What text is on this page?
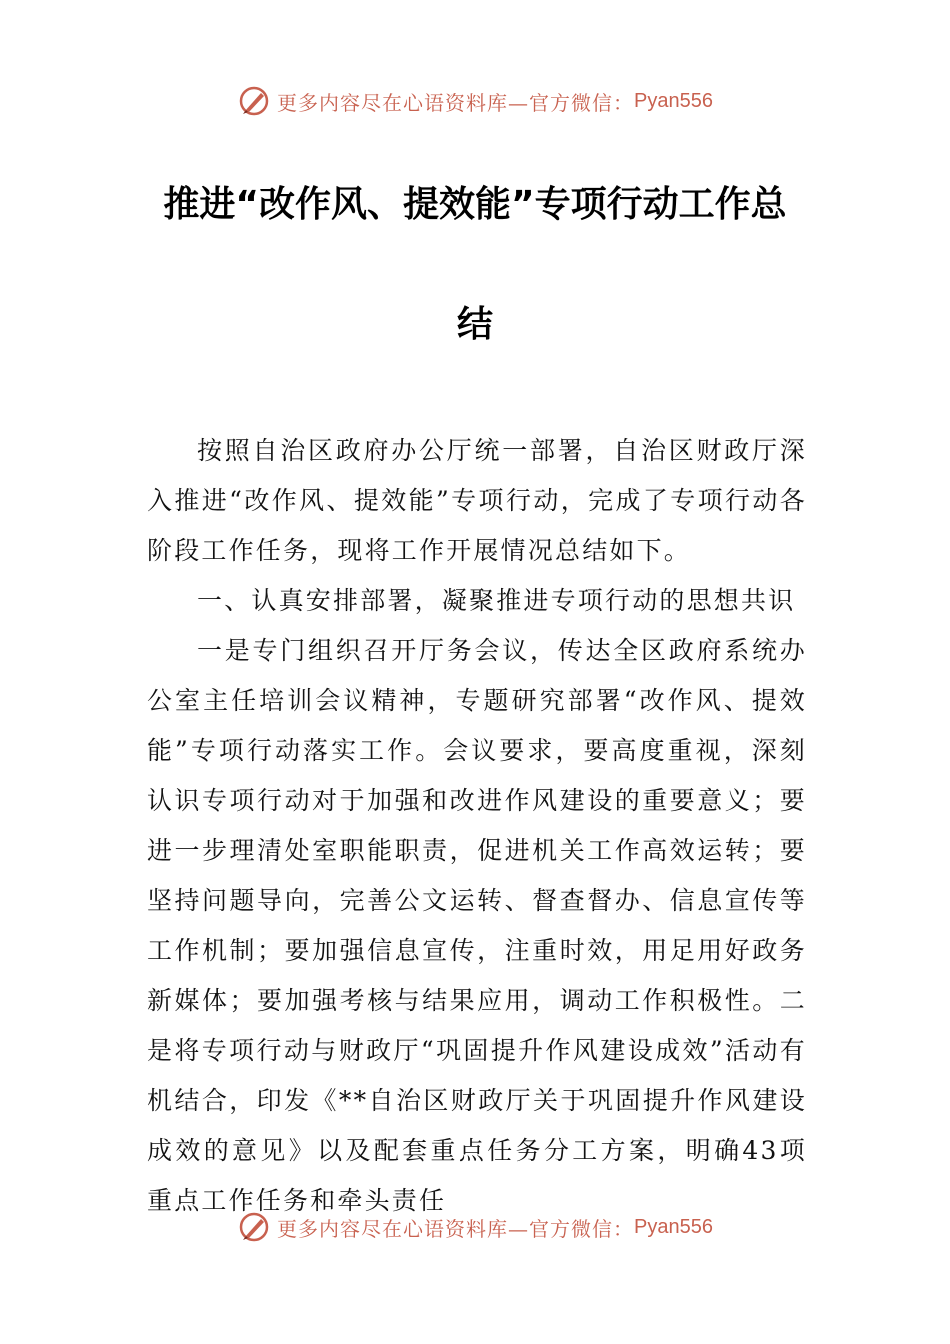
更多内容尽在心语资料库—官方微信： Pyan556
推进“改作风、提效能”专项行动工作总
结

按照自治区政府办公厅统一部署，自治区财政厅深入推进“改作风、提效能”专项行动，完成了专项行动各阶段工作任务，现将工作开展情况总结如下。

一、认真安排部署，凝聚推进专项行动的思想共识

一是专门组织召开厅务会议，传达全区政府系统办公室主任培训会议精神，专题研究部署“改作风、提效能”专项行动落实工作。会议要求，要高度重视，深刻认识专项行动对于加强和改进作风建设的重要意义；要进一步理清处室职能职责，促进机关工作高效运转；要坚持问题导向，完善公文运转、督查督办、信息宣传等工作机制；要加强信息宣传，注重时效，用足用好政务新媒体；要加强考核与结果应用，调动工作积极性。二是将专项行动与财政厅“巩固提升作风建设成效”活动有机结合，印发《**自治区财政厅关于巩固提升作风建设成效的意见》以及配套重点任务分工方案，明确43项重点工作任务和牵头责任

更多内容尽在心语资料库—官方微信： Pyan556
